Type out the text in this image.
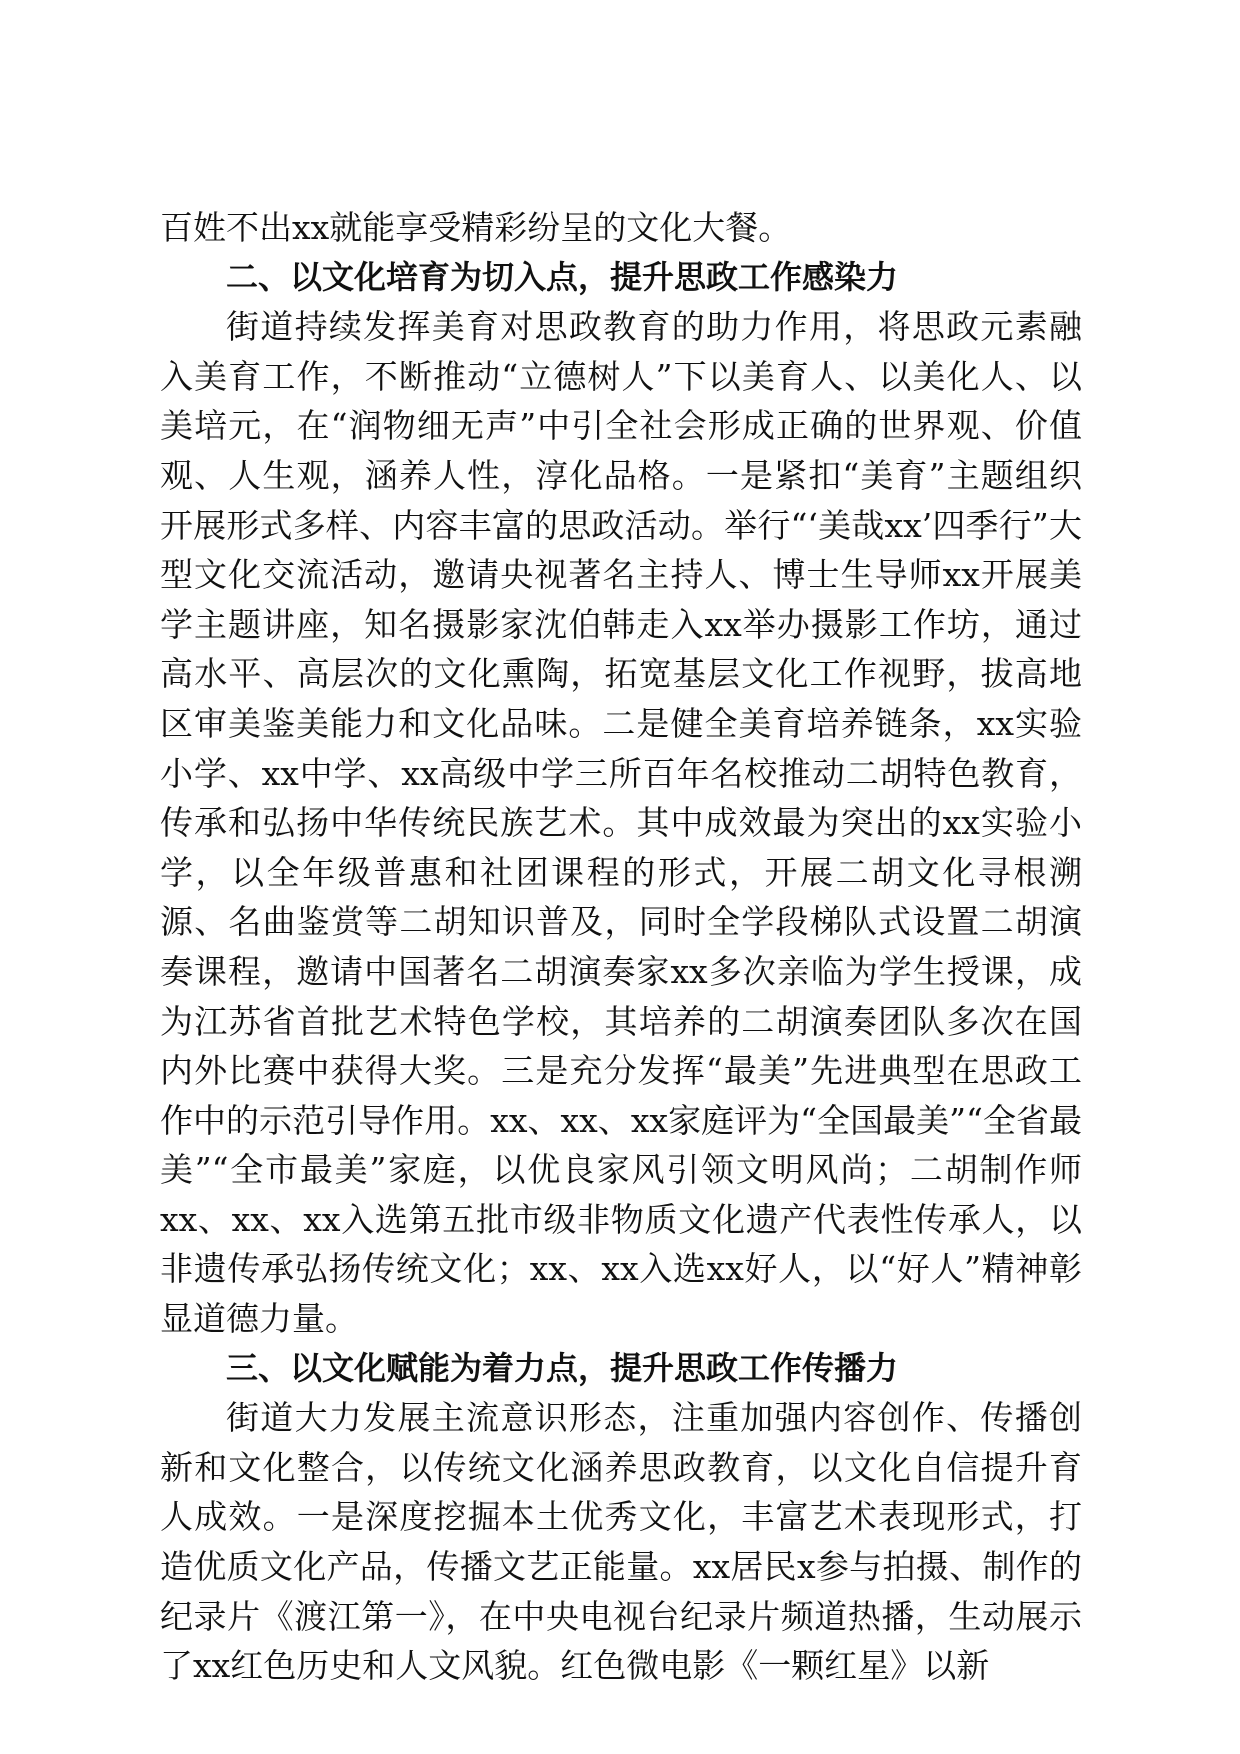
百姓不出xx就能享受精彩纷呈的文化大餐。

二、以文化培育为切入点，提升思政工作感染力

街道持续发挥美育对思政教育的助力作用，将思政元素融入美育工作，不断推动“立德树人”下以美育人、以美化人、以美培元，在“润物细无声”中引全社会形成正确的世界观、价值观、人生观，涵养人性，淳化品格。一是紧扣“美育”主题组织开展形式多样、内容丰富的思政活动。举行“‘美哉xx’四季行”大型文化交流活动，邀请央视著名主持人、博士生导师xx开展美学主题讲座，知名摄影家沈伯韩走入xx举办摄影工作坊，通过高水平、高层次的文化熏陶，拓宽基层文化工作视野，拔高地区审美鉴美能力和文化品味。二是健全美育培养链条，xx实验小学、xx中学、xx高级中学三所百年名校推动二胡特色教育，传承和弘扬中华传统民族艺术。其中成效最为突出的xx实验小学，以全年级普惠和社团课程的形式，开展二胡文化寻根溯源、名曲鉴赏等二胡知识普及，同时全学段梯队式设置二胡演奏课程，邀请中国著名二胡演奏家xx多次亲临为学生授课，成为江苏省首批艺术特色学校，其培养的二胡演奏团队多次在国内外比赛中获得大奖。三是充分发挥“最美”先进典型在思政工作中的示范引导作用。xx、xx、xx家庭评为“全国最美”“全省最美”“全市最美”家庭，以优良家风引领文明风尚；二胡制作师xx、xx、xx入选第五批市级非物质文化遗产代表性传承人，以非遗传承弘扬传统文化；xx、xx入选xx好人，以“好人”精神彰显道德力量。

三、以文化赋能为着力点，提升思政工作传播力

街道大力发展主流意识形态，注重加强内容创作、传播创新和文化整合，以传统文化涵养思政教育，以文化自信提升育人成效。一是深度挖掘本土优秀文化，丰富艺术表现形式，打造优质文化产品，传播文艺正能量。xx居民x参与拍摄、制作的纪录片《渡江第一》，在中央电视台纪录片频道热播，生动展示了xx红色历史和人文风貌。红色微电影《一颗红星》以新
